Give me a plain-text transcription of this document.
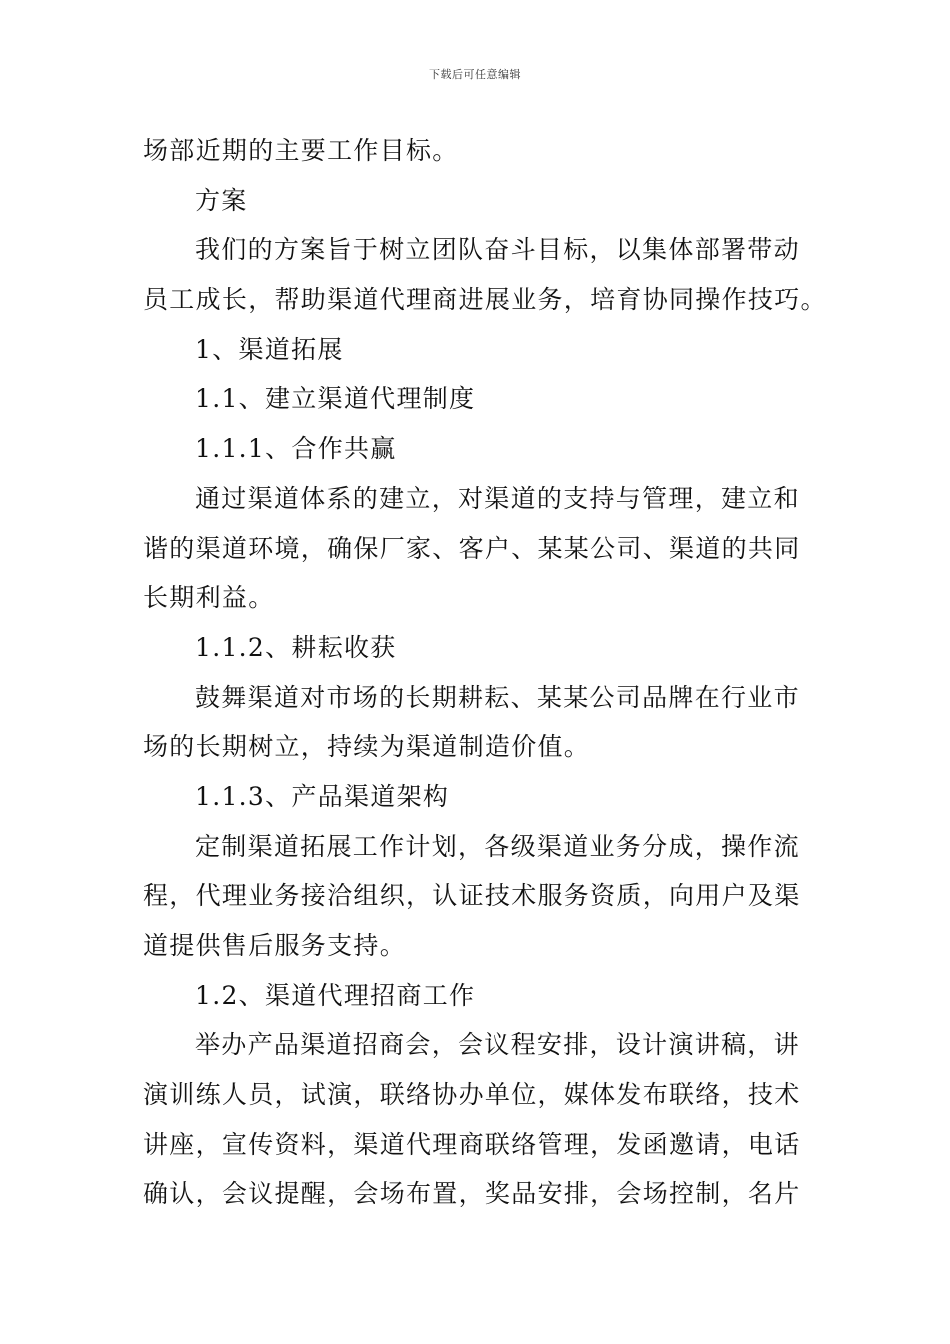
下载后可任意编辑
场部近期的主要工作目标。
方案
我们的方案旨于树立团队奋斗目标，以集体部署带动
员工成长，帮助渠道代理商进展业务，培育协同操作技巧。
1、渠道拓展
1.1、建立渠道代理制度
1.1.1、合作共赢
通过渠道体系的建立，对渠道的支持与管理，建立和
谐的渠道环境，确保厂家、客户、某某公司、渠道的共同
长期利益。
1.1.2、耕耘收获
鼓舞渠道对市场的长期耕耘、某某公司品牌在行业市
场的长期树立，持续为渠道制造价值。
1.1.3、产品渠道架构
定制渠道拓展工作计划，各级渠道业务分成，操作流
程，代理业务接洽组织，认证技术服务资质，向用户及渠
道提供售后服务支持。
1.2、渠道代理招商工作
举办产品渠道招商会，会议程安排，设计演讲稿，讲
演训练人员，试演，联络协办单位，媒体发布联络，技术
讲座，宣传资料，渠道代理商联络管理，发函邀请，电话
确认，会议提醒，会场布置，奖品安排，会场控制，名片
